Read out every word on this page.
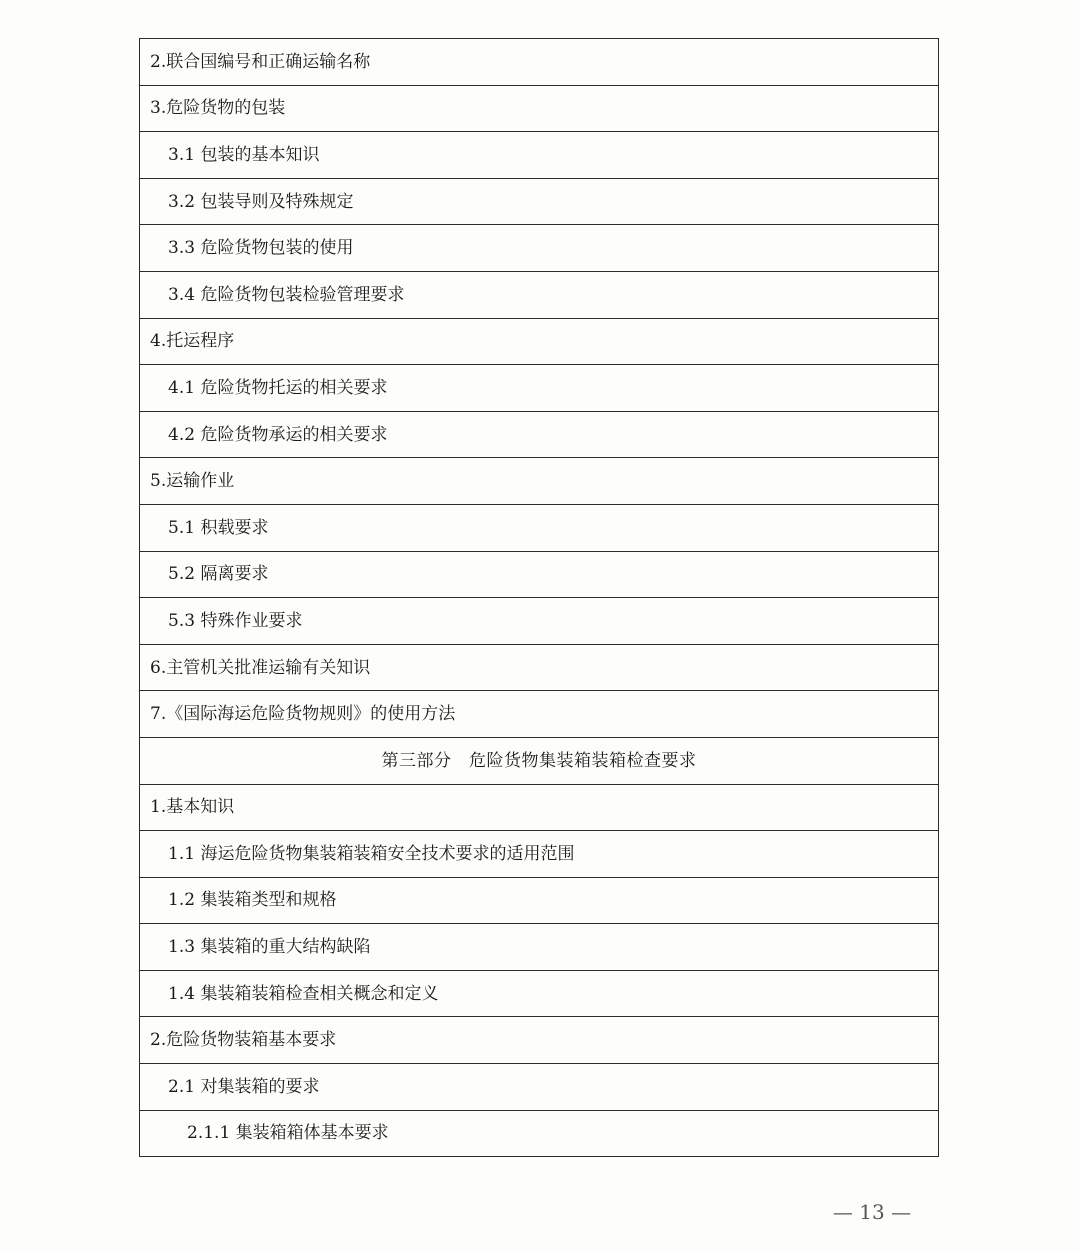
2.联合国编号和正确运输名称
3.危险货物的包装
3.1 包装的基本知识
3.2 包装导则及特殊规定
3.3 危险货物包装的使用
3.4 危险货物包装检验管理要求
4.托运程序
4.1 危险货物托运的相关要求
4.2 危险货物承运的相关要求
5.运输作业
5.1 积载要求
5.2 隔离要求
5.3 特殊作业要求
6.主管机关批准运输有关知识
7.《国际海运危险货物规则》的使用方法
第三部分　危险货物集装箱装箱检查要求
1.基本知识
1.1 海运危险货物集装箱装箱安全技术要求的适用范围
1.2 集装箱类型和规格
1.3 集装箱的重大结构缺陷
1.4 集装箱装箱检查相关概念和定义
2.危险货物装箱基本要求
2.1 对集装箱的要求
2.1.1 集装箱箱体基本要求
— 13 —
